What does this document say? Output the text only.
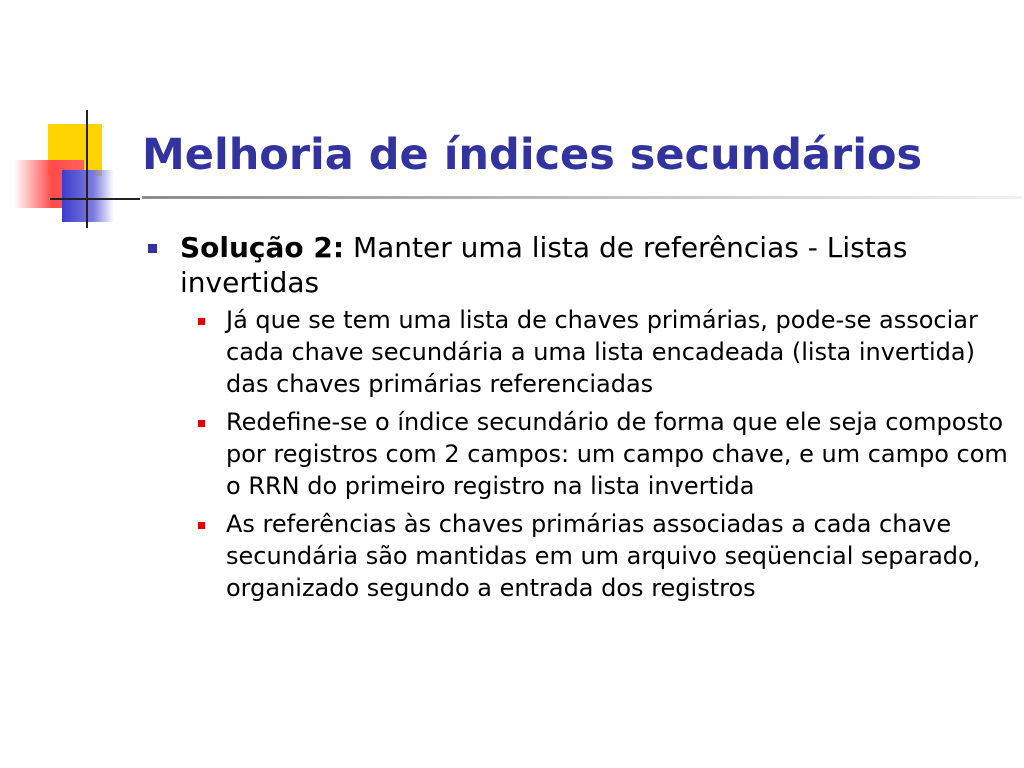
Melhoria de índices secundários
Solução 2: Manter uma lista de referências - Listas invertidas
Já que se tem uma lista de chaves primárias, pode-se associar cada chave secundária a uma lista encadeada (lista invertida) das chaves primárias referenciadas
Redefine-se o índice secundário de forma que ele seja composto por registros com 2 campos: um campo chave, e um campo com o RRN do primeiro registro na lista invertida
As referências às chaves primárias associadas a cada chave secundária são mantidas em um arquivo seqüencial separado, organizado segundo a entrada dos registros
